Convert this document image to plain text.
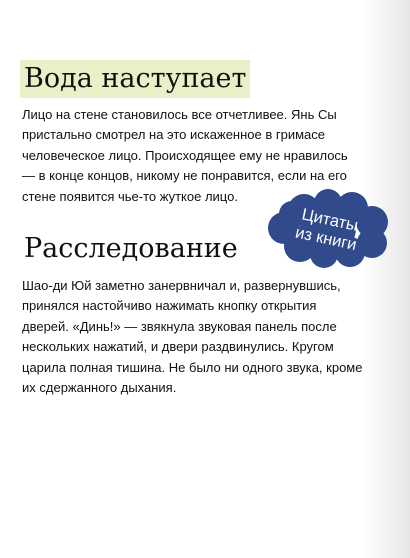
Вода наступает

Лицо на стене становилось все отчетливее. Янь Сы пристально смотрел на это искаженное в гримасе человеческое лицо. Происходящее ему не нравилось — в конце концов, никому не понравится, если на его стене появится чье-то жуткое лицо.

Цитаты
из книги
Расследование

Шао-ди Юй заметно занервничал и, развернувшись, принялся настойчиво нажимать кнопку открытия дверей. «Динь!» — звякнула звуковая панель после нескольких нажатий, и двери раздвинулись. Кругом царила полная тишина. Не было ни одного звука, кроме их сдержанного дыхания.
